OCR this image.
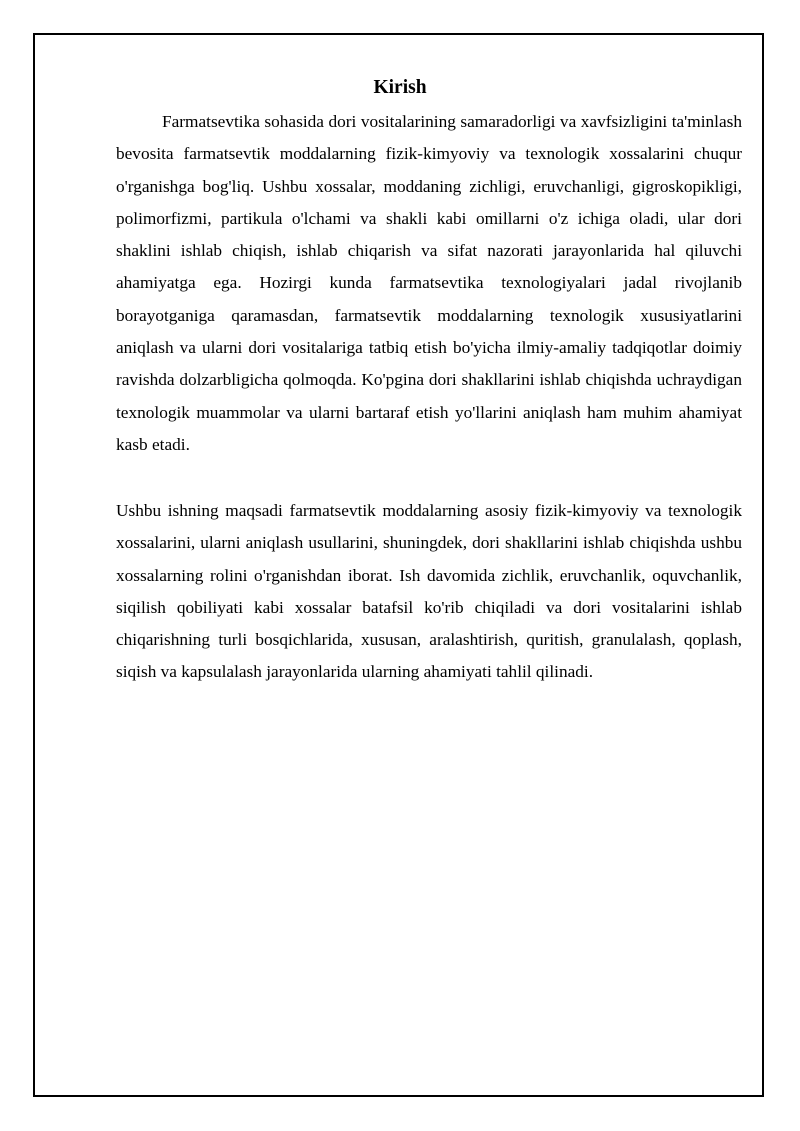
Kirish

Farmatsevtika sohasida dori vositalarining samaradorligi va xavfsizligini ta'minlash bevosita farmatsevtik moddalarning fizik-kimyoviy va texnologik xossalarini chuqur o'rganishga bog'liq. Ushbu xossalar, moddaning zichligi, eruvchanligi, gigroskopikligi, polimorfizmi, partikula o'lchami va shakli kabi omillarni o'z ichiga oladi, ular dori shaklini ishlab chiqish, ishlab chiqarish va sifat nazorati jarayonlarida hal qiluvchi ahamiyatga ega. Hozirgi kunda farmatsevtika texnologiyalari jadal rivojlanib borayotganiga qaramasdan, farmatsevtik moddalarning texnologik xususiyatlarini aniqlash va ularni dori vositalariga tatbiq etish bo'yicha ilmiy-amaliy tadqiqotlar doimiy ravishda dolzarbligicha qolmoqda. Ko'pgina dori shakllarini ishlab chiqishda uchraydigan texnologik muammolar va ularni bartaraf etish yo'llarini aniqlash ham muhim ahamiyat kasb etadi.

Ushbu ishning maqsadi farmatsevtik moddalarning asosiy fizik-kimyoviy va texnologik xossalarini, ularni aniqlash usullarini, shuningdek, dori shakllarini ishlab chiqishda ushbu xossalarning rolini o'rganishdan iborat. Ish davomida zichlik, eruvchanlik, oquvchanlik, siqilish qobiliyati kabi xossalar batafsil ko'rib chiqiladi va dori vositalarini ishlab chiqarishning turli bosqichlarida, xususan, aralashtirish, quritish, granulalash, qoplash, siqish va kapsulalash jarayonlarida ularning ahamiyati tahlil qilinadi.
